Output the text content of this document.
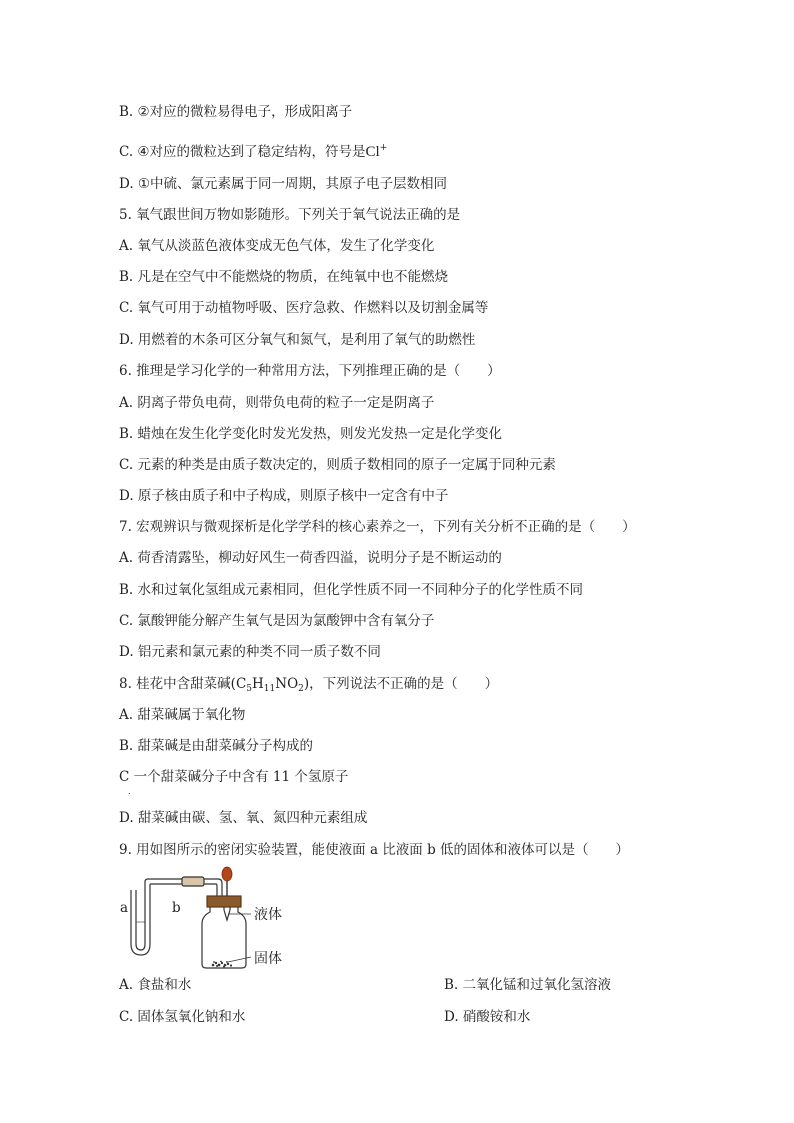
B. ②对应的微粒易得电子，形成阳离子
C. ④对应的微粒达到了稳定结构，符号是Cl+
D. ①中硫、氯元素属于同一周期，其原子电子层数相同
5. 氧气跟世间万物如影随形。下列关于氧气说法正确的是
A. 氧气从淡蓝色液体变成无色气体，发生了化学变化
B. 凡是在空气中不能燃烧的物质，在纯氧中也不能燃烧
C. 氧气可用于动植物呼吸、医疗急救、作燃料以及切割金属等
D. 用燃着的木条可区分氧气和氮气，是利用了氧气的助燃性
6. 推理是学习化学的一种常用方法，下列推理正确的是（　　）
A. 阴离子带负电荷，则带负电荷的粒子一定是阴离子
B. 蜡烛在发生化学变化时发光发热，则发光发热一定是化学变化
C. 元素的种类是由质子数决定的，则质子数相同的原子一定属于同种元素
D. 原子核由质子和中子构成，则原子核中一定含有中子
7. 宏观辨识与微观探析是化学学科的核心素养之一，下列有关分析不正确的是（　　）
A. 荷香清露坠，柳动好风生一荷香四溢，说明分子是不断运动的
B. 水和过氧化氢组成元素相同，但化学性质不同一不同种分子的化学性质不同
C. 氯酸钾能分解产生氧气是因为氯酸钾中含有氧分子
D. 铝元素和氯元素的种类不同一质子数不同
8. 桂花中含甜菜碱$(C_5H_{11}NO_2)$，下列说法不正确的是（　　）
A. 甜菜碱属于氧化物
B. 甜菜碱是由甜菜碱分子构成的
C 一个甜菜碱分子中含有 11 个氢原子
.
D. 甜菜碱由碳、氢、氧、氮四种元素组成
9. 用如图所示的密闭实验装置，能使液面 a 比液面 b 低的固体和液体可以是（　　）
a	b	液体
固体
A. 食盐和水	B. 二氧化锰和过氧化氢溶液
C. 固体氢氧化钠和水	D. 硝酸铵和水
